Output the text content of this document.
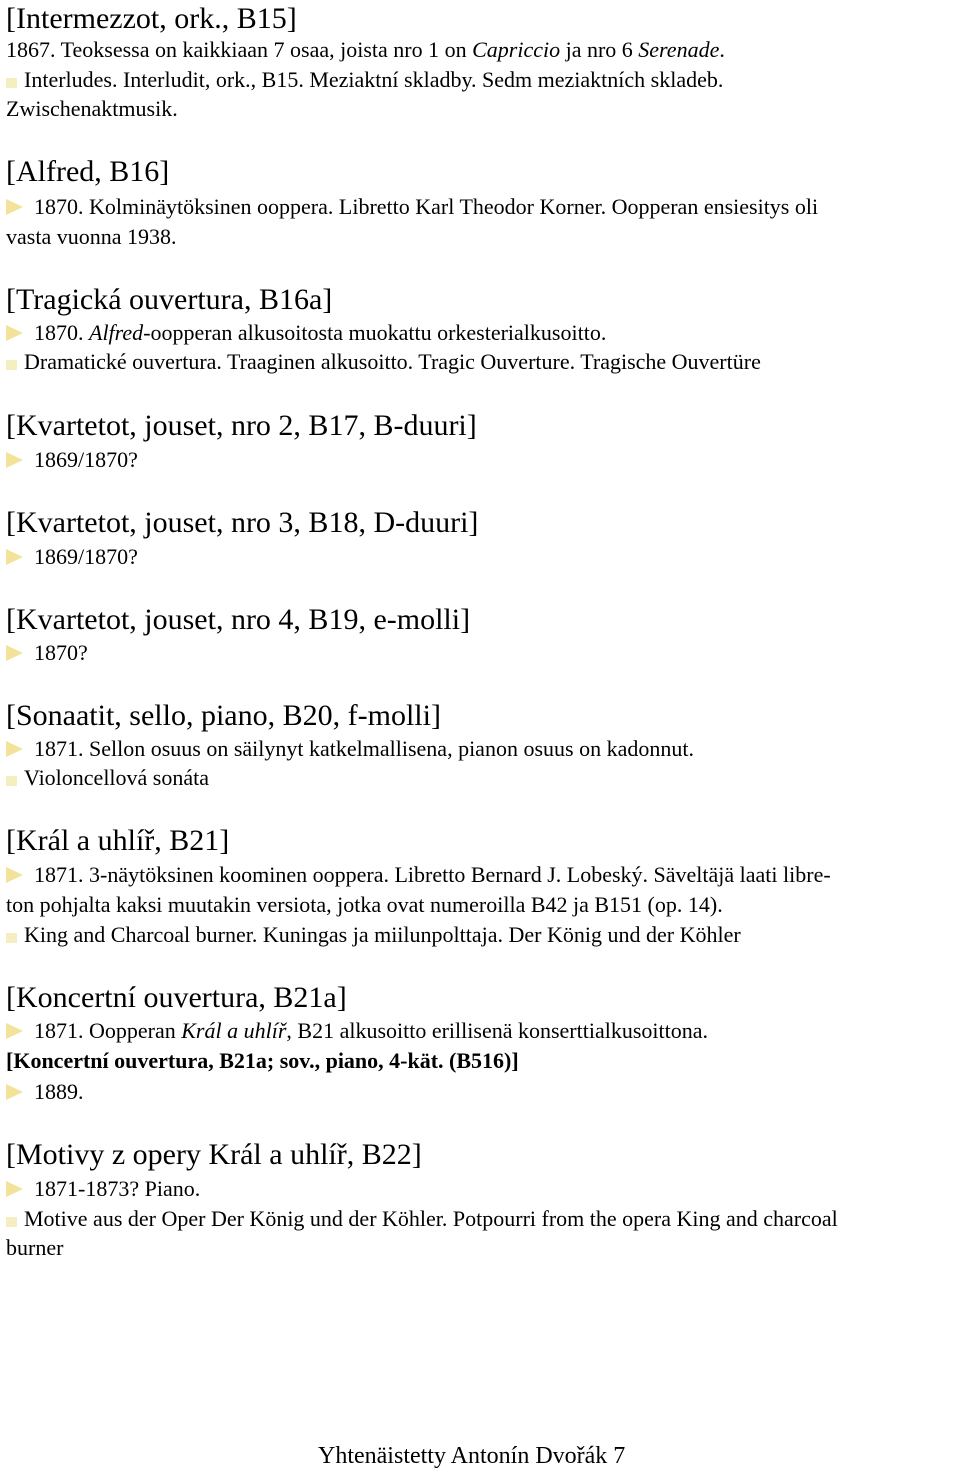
[Intermezzot, ork., B15]
1867. Teoksessa on kaikkiaan 7 osaa, joista nro 1 on Capriccio ja nro 6 Serenade.
Interludes. Interludit, ork., B15. Meziaktní skladby. Sedm meziaktních skladeb.
Zwischenaktmusik.
[Alfred, B16]
1870. Kolminäytöksinen ooppera. Libretto Karl Theodor Korner. Oopperan ensiesitys oli
vasta vuonna 1938.
[Tragická ouvertura, B16a]
1870. Alfred-oopperan alkusoitosta muokattu orkesterialkusoitto.
Dramatické ouvertura. Traaginen alkusoitto. Tragic Ouverture. Tragische Ouvertüre
[Kvartetot, jouset, nro 2, B17, B-duuri]
1869/1870?
[Kvartetot, jouset, nro 3, B18, D-duuri]
1869/1870?
[Kvartetot, jouset, nro 4, B19, e-molli]
1870?
[Sonaatit, sello, piano, B20, f-molli]
1871. Sellon osuus on säilynyt katkelmallisena, pianon osuus on kadonnut.
Violoncellová sonáta
[Král a uhlíř, B21]
1871. 3-näytöksinen koominen ooppera. Libretto Bernard J. Lobeský. Säveltäjä laati libre-
ton pohjalta kaksi muutakin versiota, jotka ovat numeroilla B42 ja B151 (op. 14).
King and Charcoal burner. Kuningas ja miilunpolttaja. Der König und der Köhler
[Koncertní ouvertura, B21a]
1871. Oopperan Král a uhlíř, B21 alkusoitto erillisenä konserttialkusoittona.
[Koncertní ouvertura, B21a; sov., piano, 4-kät. (B516)]
1889.
[Motivy z opery Král a uhlíř, B22]
1871-1873? Piano.
Motive aus der Oper Der König und der Köhler. Potpourri from the opera King and charcoal
burner
Yhtenäistetty Antonín Dvořák 7
